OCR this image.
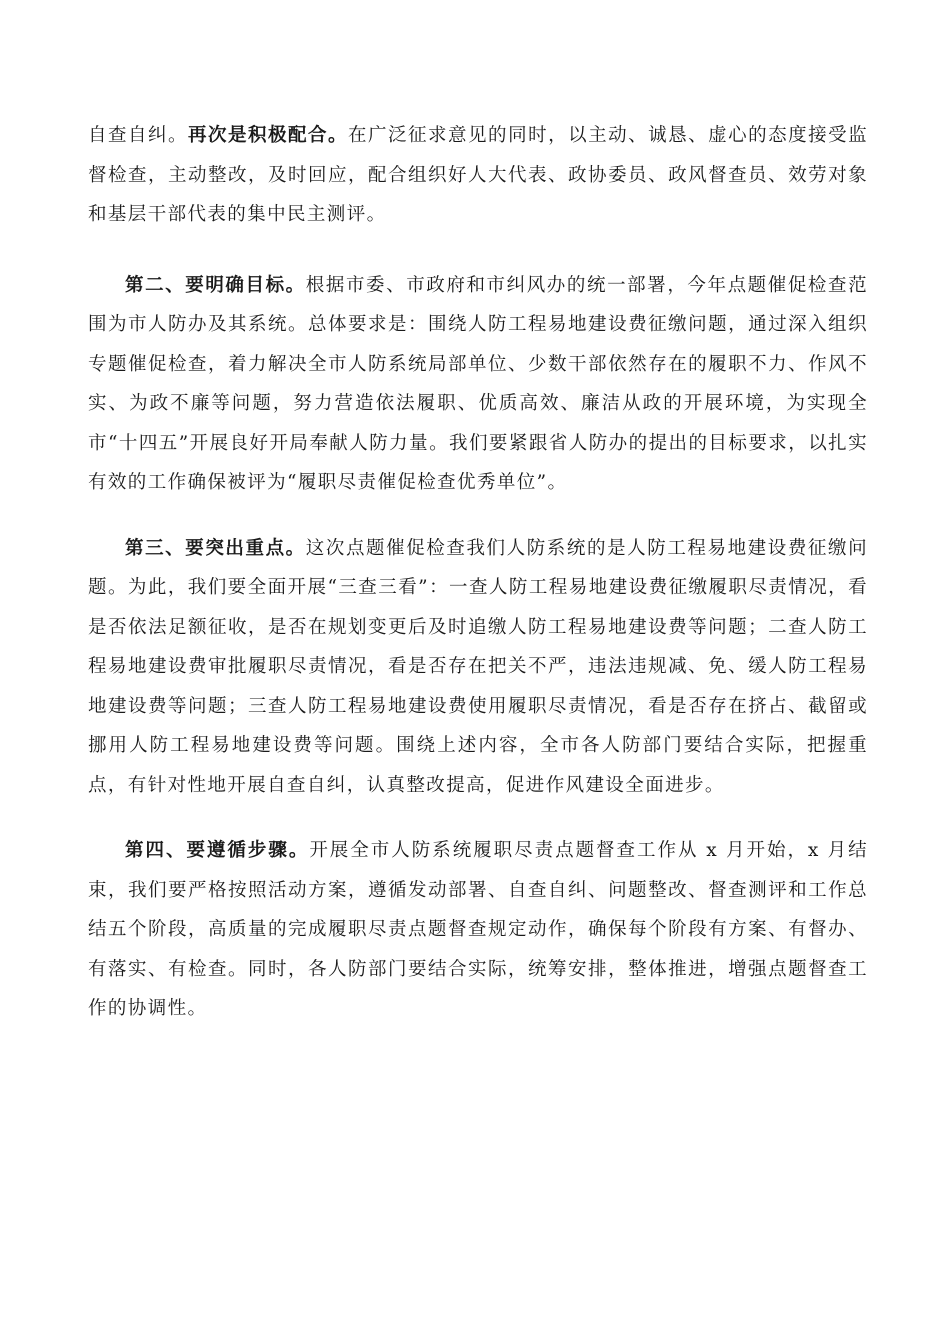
自查自纠。再次是积极配合。在广泛征求意见的同时，以主动、诚恳、虚心的态度接受监督检查，主动整改，及时回应，配合组织好人大代表、政协委员、政风督查员、效劳对象和基层干部代表的集中民主测评。

第二、要明确目标。根据市委、市政府和市纠风办的统一部署，今年点题催促检查范围为市人防办及其系统。总体要求是：围绕人防工程易地建设费征缴问题，通过深入组织专题催促检查，着力解决全市人防系统局部单位、少数干部依然存在的履职不力、作风不实、为政不廉等问题，努力营造依法履职、优质高效、廉洁从政的开展环境，为实现全市“十四五”开展良好开局奉献人防力量。我们要紧跟省人防办的提出的目标要求，以扎实有效的工作确保被评为“履职尽责催促检查优秀单位”。

第三、要突出重点。这次点题催促检查我们人防系统的是人防工程易地建设费征缴问题。为此，我们要全面开展“三查三看”：一查人防工程易地建设费征缴履职尽责情况，看是否依法足额征收，是否在规划变更后及时追缴人防工程易地建设费等问题；二查人防工程易地建设费审批履职尽责情况，看是否存在把关不严，违法违规减、免、缓人防工程易地建设费等问题；三查人防工程易地建设费使用履职尽责情况，看是否存在挤占、截留或挪用人防工程易地建设费等问题。围绕上述内容，全市各人防部门要结合实际，把握重点，有针对性地开展自查自纠，认真整改提高，促进作风建设全面进步。

第四、要遵循步骤。开展全市人防系统履职尽责点题督查工作从 x 月开始，x 月结束，我们要严格按照活动方案，遵循发动部署、自查自纠、问题整改、督查测评和工作总结五个阶段，高质量的完成履职尽责点题督查规定动作，确保每个阶段有方案、有督办、有落实、有检查。同时，各人防部门要结合实际，统筹安排，整体推进，增强点题督查工作的协调性。
